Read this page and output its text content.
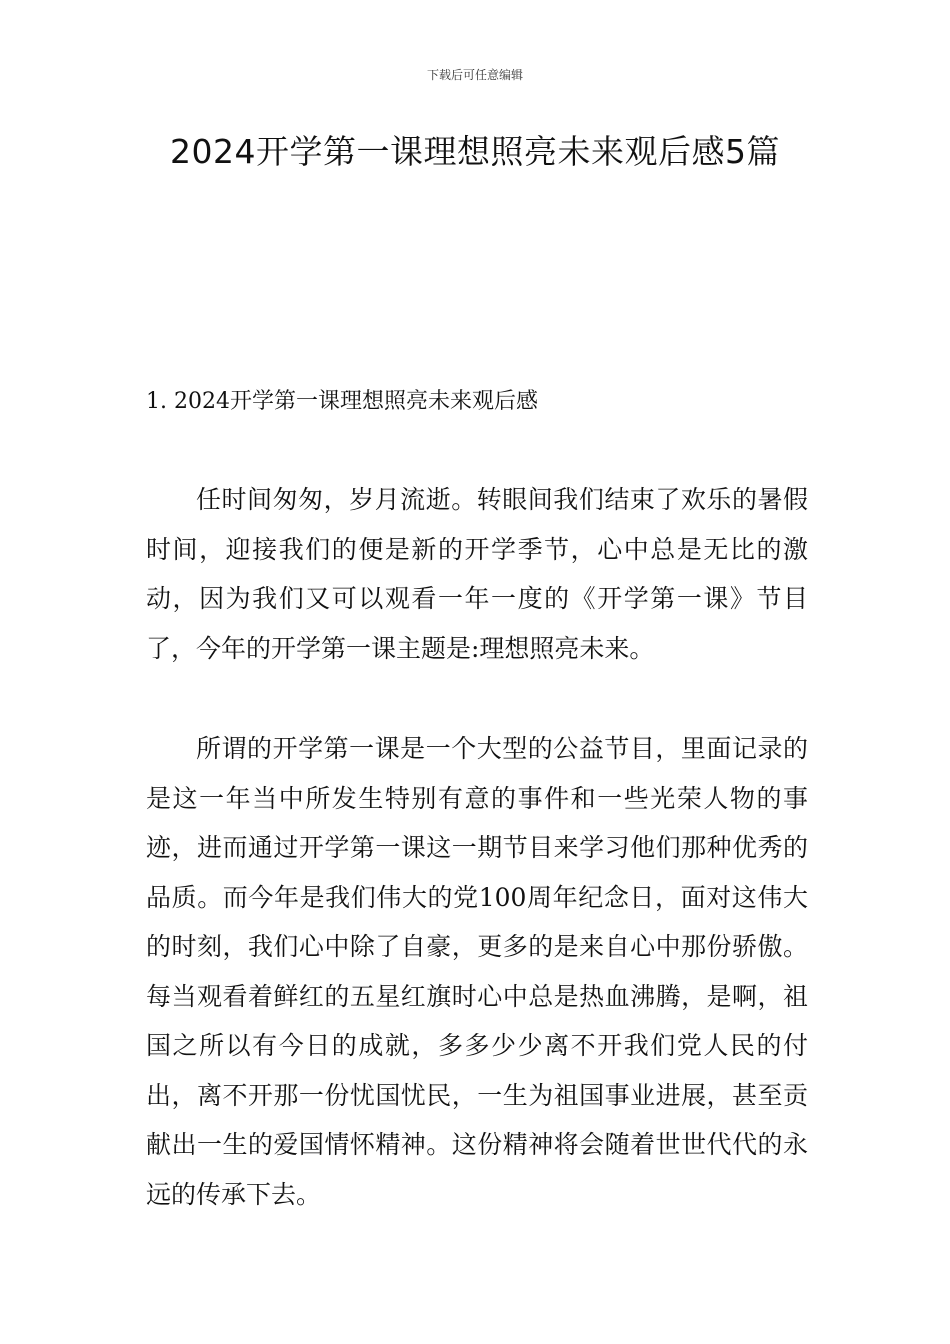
下载后可任意编辑
2024开学第一课理想照亮未来观后感5篇
1. 2024开学第一课理想照亮未来观后感

任时间匆匆，岁月流逝。转眼间我们结束了欢乐的暑假时间，迎接我们的便是新的开学季节，心中总是无比的激动，因为我们又可以观看一年一度的《开学第一课》节目了，今年的开学第一课主题是:理想照亮未来。

所谓的开学第一课是一个大型的公益节目，里面记录的是这一年当中所发生特别有意的事件和一些光荣人物的事迹，进而通过开学第一课这一期节目来学习他们那种优秀的品质。而今年是我们伟大的党100周年纪念日，面对这伟大的时刻，我们心中除了自豪，更多的是来自心中那份骄傲。每当观看着鲜红的五星红旗时心中总是热血沸腾，是啊，祖国之所以有今日的成就，多多少少离不开我们党人民的付出，离不开那一份忧国忧民，一生为祖国事业进展，甚至贡献出一生的爱国情怀精神。这份精神将会随着世世代代的永远的传承下去。
